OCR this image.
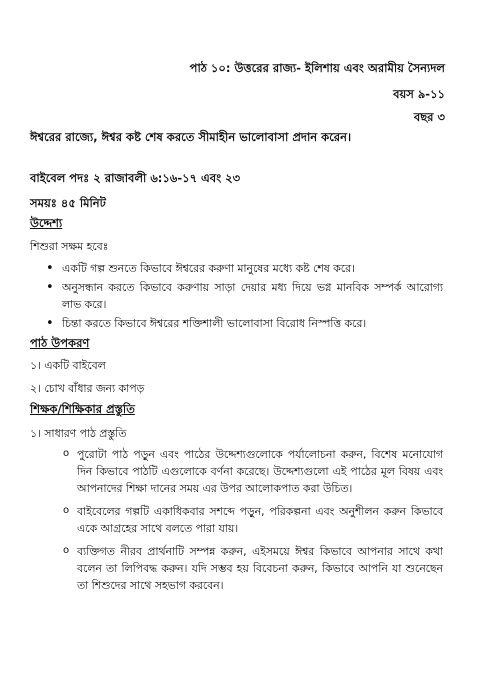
পাঠ ১০: উত্তরের রাজ্য- ইলিশায় এবং অরামীয় সৈন্যদল
বয়স ৯-১১
বছর ৩
ঈশ্বরের রাজ্যে, ঈশ্বর কষ্ট শেষ করতে সীমাহীন ভালোবাসা প্রদান করেন।
বাইবেল পদঃ ২ রাজাবলী ৬:১৬-১৭ এবং ২৩
সময়ঃ ৪৫ মিনিট
উদ্দেশ্য
শিশুরা সক্ষম হবেঃ
• একটি গল্প শুনতে কিভাবে ঈশ্বরের করুণা মানুষের মধ্যে কষ্ট শেষ করে।
• অনুসন্ধান করতে কিভাবে করুণায় সাড়া দেয়ার মধ্য দিয়ে ভগ্ন মানবিক সম্পর্ক আরোগ্য লাভ করে।
• চিন্তা করতে কিভাবে ঈশ্বরের শক্তিশালী ভালোবাসা বিরোধ নিস্পত্তি করে।
পাঠ উপকরণ
১। একটি বাইবেল
২। চোখ বাঁধার জন্য কাপড়
শিক্ষক/শিক্ষিকার প্রস্তুতি
১। সাধারণ পাঠ প্রস্তুতি
o পুরোটা পাঠ পড়ুন এবং পাঠের উদ্দেশ্যগুলোকে পর্যালোচনা করুন, বিশেষ মনোযোগ দিন কিভাবে পাঠটি এগুলোকে বর্ণনা করেছে। উদ্দেশ্যগুলো এই পাঠের মূল বিষয় এবং আপনাদের শিক্ষা দানের সময় এর উপর আলোকপাত করা উচিত।
o বাইবেলের গল্পটি একাধিকবার সশব্দে পড়ুন, পরিকল্পনা এবং অনুশীলন করুন কিভাবে একে আগ্রহের সাথে বলতে পারা যায়।
o ব্যক্তিগত নীরব প্রার্থনাটি সম্পন্ন করুন, এইসময়ে ঈশ্বর কিভাবে আপনার সাথে কথা বলেন তা লিপিবদ্ধ করুন। যদি সম্ভব হয় বিবেচনা করুন, কিভাবে আপনি যা শুনেছেন তা শিশুদের সাথে সহভাগ করবেন।
